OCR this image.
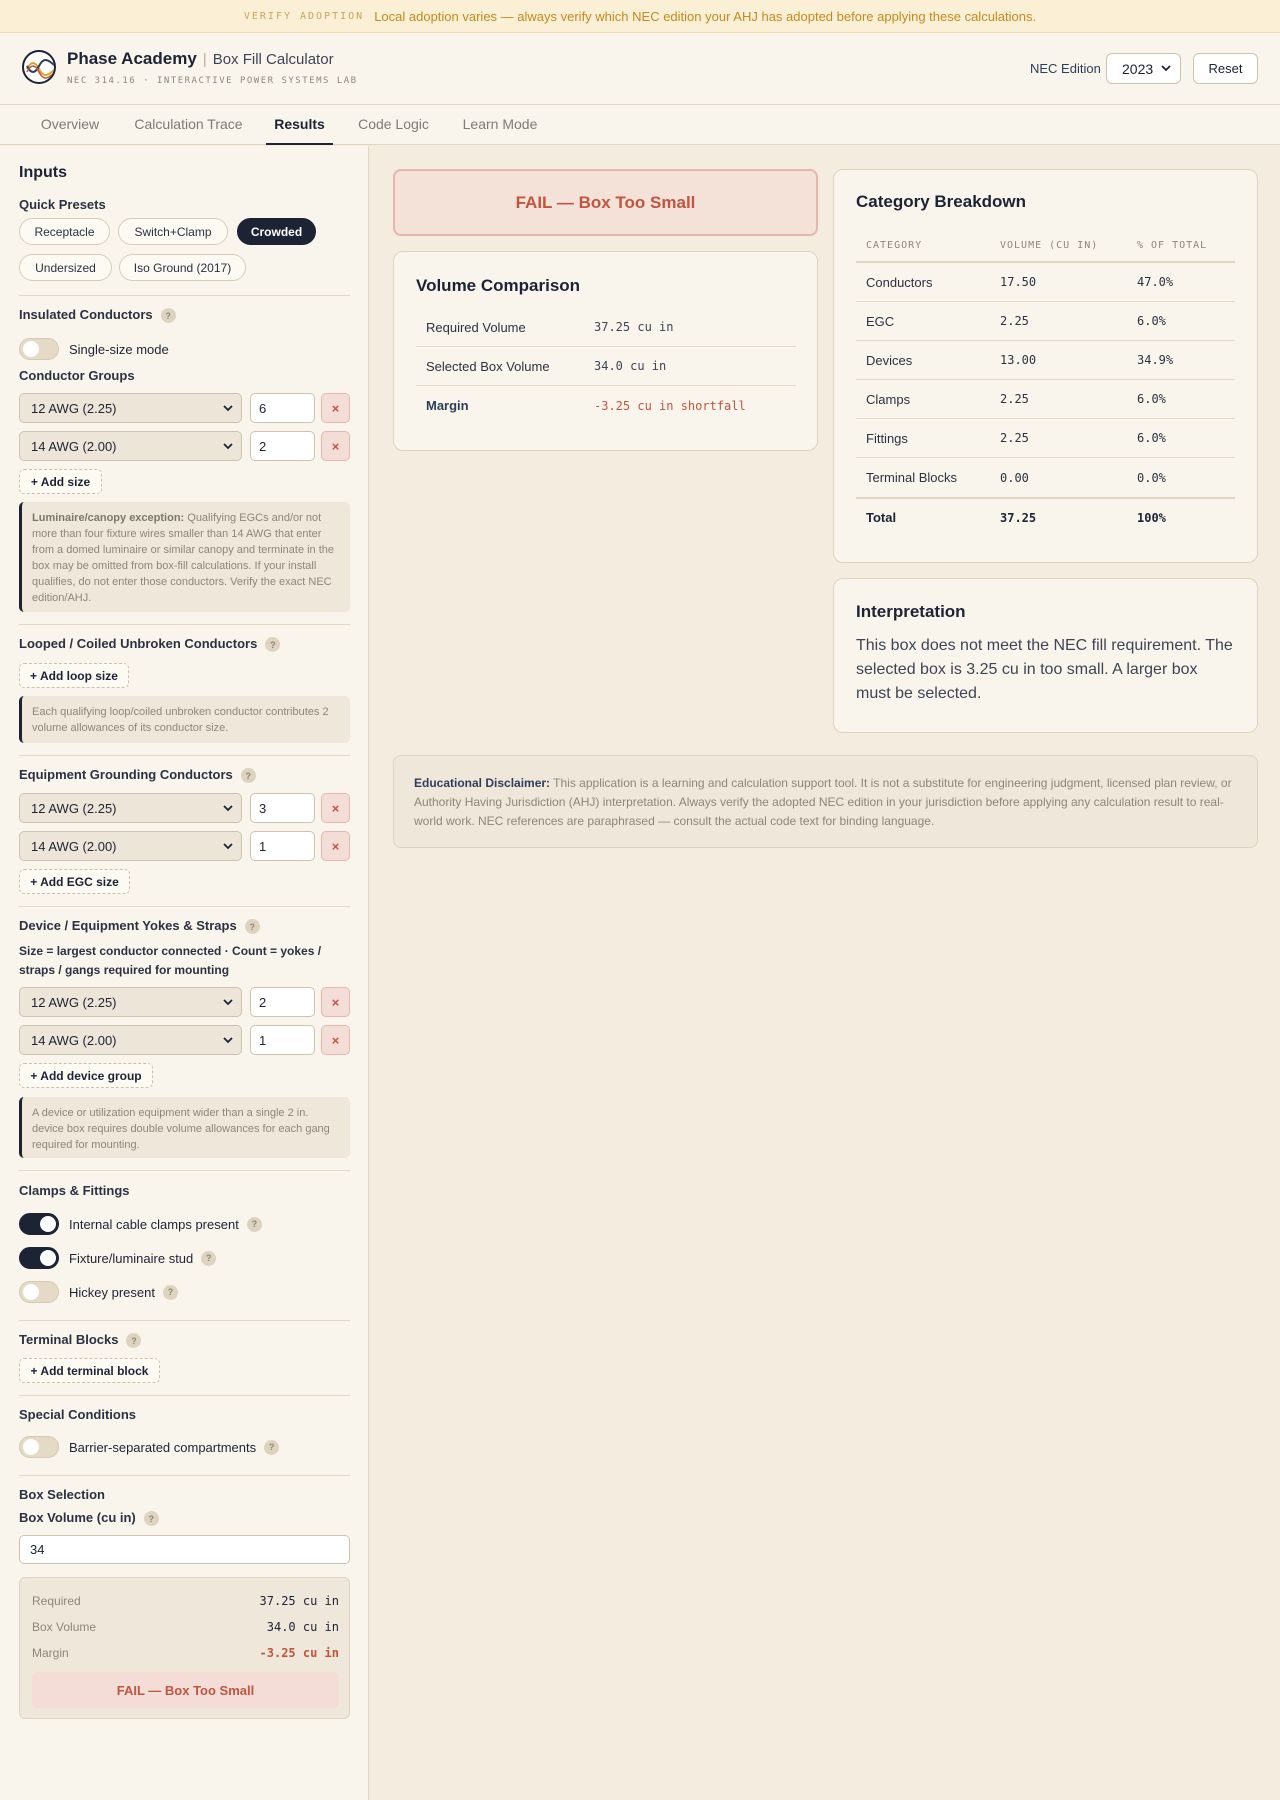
VERIFY ADOPTION Local adoption varies — always verify which NEC edition your AHJ has adopted before applying these calculations.
Phase Academy | Box Fill Calculator
NEC 314.16 · INTERACTIVE POWER SYSTEMS LAB
NEC Edition 2023	Reset
Overview	Calculation Trace	Results	Code Logic	Learn Mode
Inputs
Quick Presets
Receptacle	Switch+Clamp	Crowded
Undersized	Iso Ground (2017)
Insulated Conductors ?
Single-size mode
Conductor Groups
12 AWG (2.25)	6	×
14 AWG (2.00)	2	×
+ Add size
Luminaire/canopy exception: Qualifying EGCs and/or not more than four fixture wires smaller than 14 AWG that enter from a domed luminaire or similar canopy and terminate in the box may be omitted from box-fill calculations. If your install qualifies, do not enter those conductors. Verify the exact NEC edition/AHJ.
Looped / Coiled Unbroken Conductors ?
+ Add loop size
Each qualifying loop/coiled unbroken conductor contributes 2 volume allowances of its conductor size.
Equipment Grounding Conductors ?
12 AWG (2.25)	3	×
14 AWG (2.00)	1	×
+ Add EGC size
Device / Equipment Yokes & Straps ?
Size = largest conductor connected · Count = yokes / straps / gangs required for mounting
12 AWG (2.25)	2	×
14 AWG (2.00)	1	×
+ Add device group
A device or utilization equipment wider than a single 2 in. device box requires double volume allowances for each gang required for mounting.
Clamps & Fittings
Internal cable clamps present	?
Fixture/luminaire stud	?
Hickey present	?
Terminal Blocks ?
+ Add terminal block
Special Conditions
Barrier-separated compartments	?
Box Selection
Box Volume (cu in) ?
34
Required	37.25 cu in
Box Volume	34.0 cu in
Margin	-3.25 cu in
FAIL — Box Too Small
FAIL — Box Too Small
Volume Comparison
Required Volume	37.25 cu in
Selected Box Volume	34.0 cu in
Margin	-3.25 cu in shortfall
Category Breakdown
CATEGORY	VOLUME (CU IN)	% OF TOTAL
Conductors	17.50	47.0%
EGC	2.25	6.0%
Devices	13.00	34.9%
Clamps	2.25	6.0%
Fittings	2.25	6.0%
Terminal Blocks	0.00	0.0%
Total	37.25	100%
Interpretation
This box does not meet the NEC fill requirement. The selected box is 3.25 cu in too small. A larger box must be selected.
Educational Disclaimer: This application is a learning and calculation support tool. It is not a substitute for engineering judgment, licensed plan review, or Authority Having Jurisdiction (AHJ) interpretation. Always verify the adopted NEC edition in your jurisdiction before applying any calculation result to real-world work. NEC references are paraphrased — consult the actual code text for binding language.
